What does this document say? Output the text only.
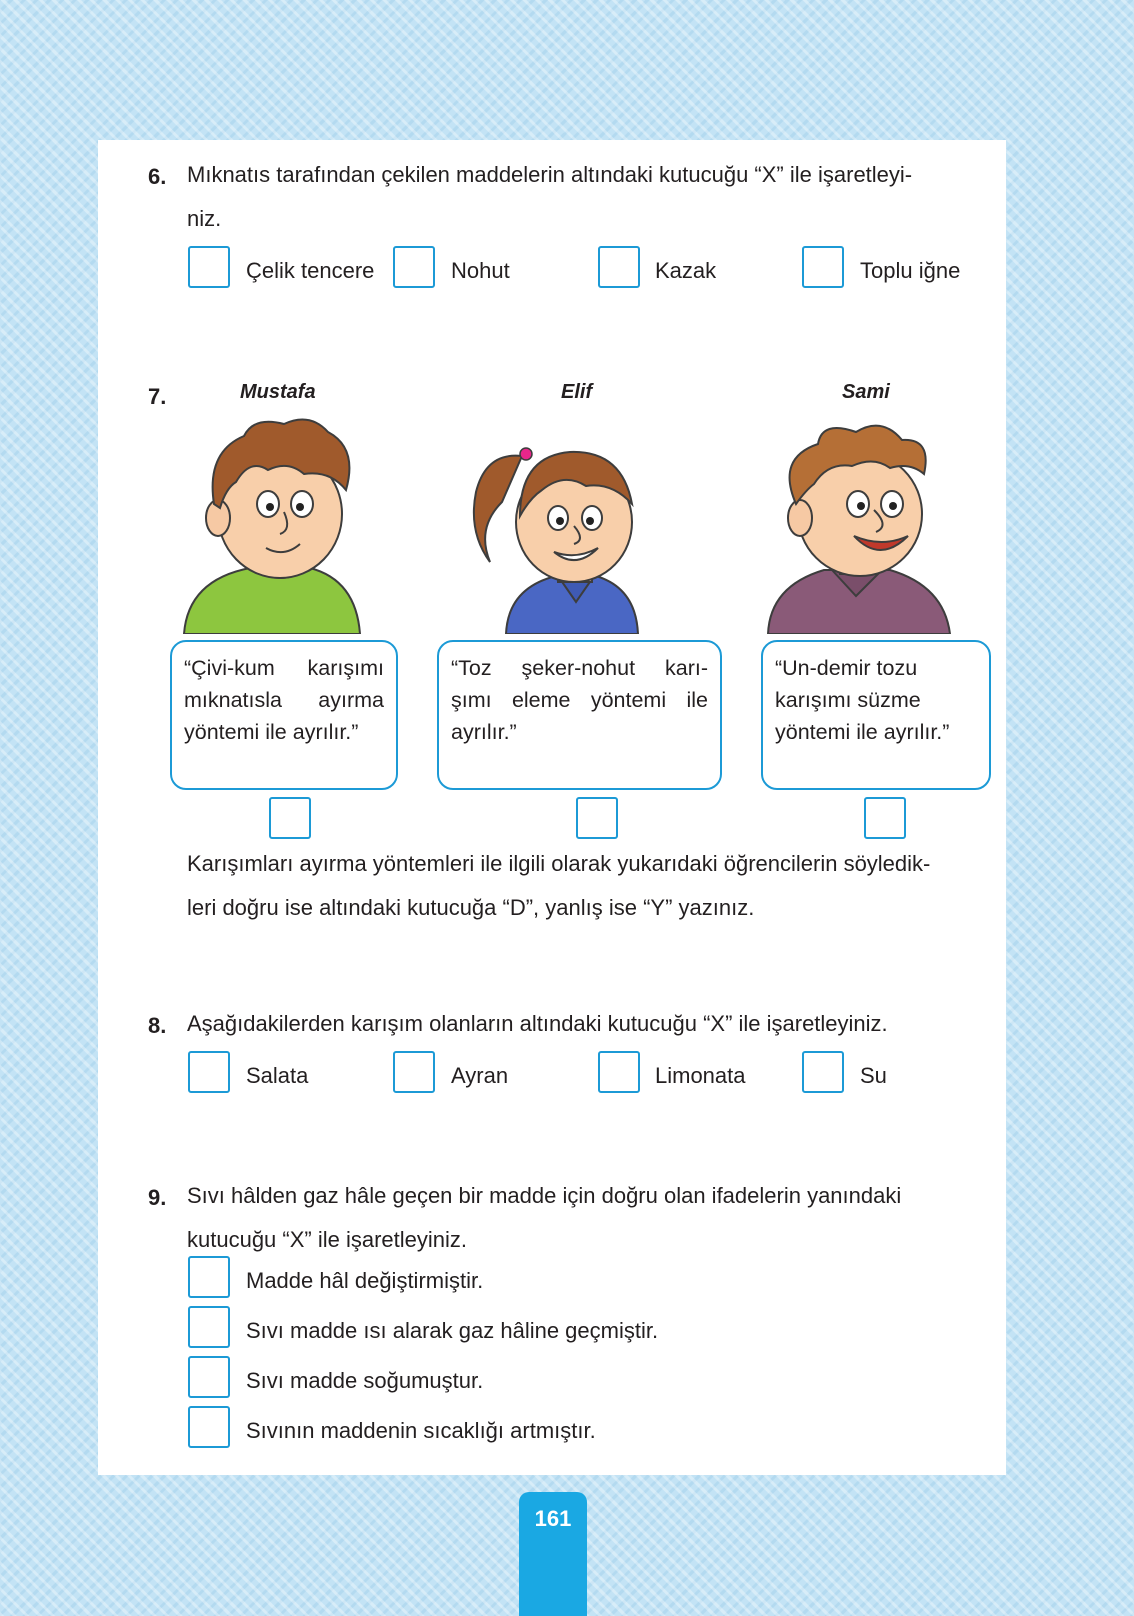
6. Mıknatıs tarafından çekilen maddelerin altındaki kutucuğu “X” ile işaretleyi-
niz.
Çelik tencere	Nohut	Kazak	Toplu iğne
7.	Mustafa	Elif	Sami
“Çivi-kum karışımı
mıknatısla ayırma
yöntemi ile ayrılır.”
“Toz şeker-nohut karı-
şımı eleme yöntemi ile
ayrılır.”
“Un-demir tozu
karışımı süzme
yöntemi ile ayrılır.”
Karışımları ayırma yöntemleri ile ilgili olarak yukarıdaki öğrencilerin söyledik-
leri doğru ise altındaki kutucuğa “D”, yanlış ise “Y” yazınız.
8. Aşağıdakilerden karışım olanların altındaki kutucuğu “X” ile işaretleyiniz.
Salata	Ayran	Limonata	Su
9. Sıvı hâlden gaz hâle geçen bir madde için doğru olan ifadelerin yanındaki
kutucuğu “X” ile işaretleyiniz.
Madde hâl değiştirmiştir.
Sıvı madde ısı alarak gaz hâline geçmiştir.
Sıvı madde soğumuştur.
Sıvının maddenin sıcaklığı artmıştır.
161
